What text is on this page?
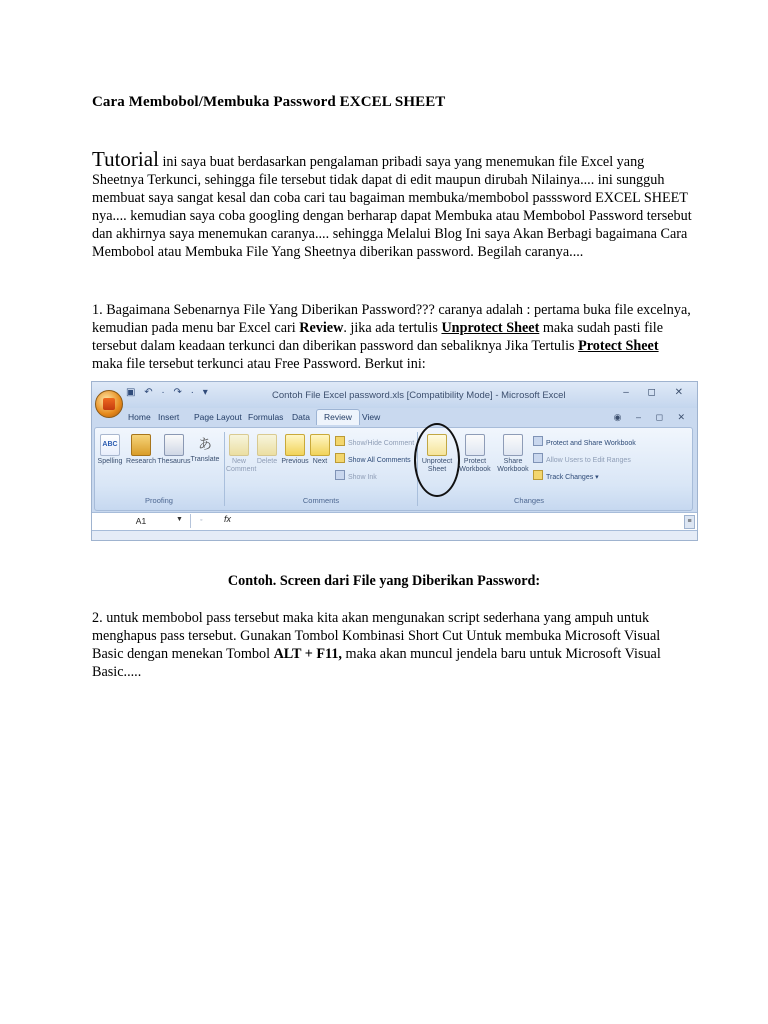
Cara Membobol/Membuka Password EXCEL SHEET
Tutorial ini saya buat berdasarkan pengalaman pribadi saya yang menemukan file Excel yang Sheetnya Terkunci, sehingga file tersebut tidak dapat di edit maupun dirubah Nilainya.... ini sungguh membuat saya sangat kesal dan coba cari tau bagaiman membuka/membobol passsword EXCEL SHEET nya.... kemudian saya coba googling dengan berharap dapat Membuka atau Membobol Password tersebut dan akhirnya saya menemukan caranya.... sehingga Melalui Blog Ini saya Akan Berbagi bagaimana Cara Membobol atau Membuka File Yang Sheetnya diberikan password. Begilah caranya....
1. Bagaimana Sebenarnya File Yang Diberikan Password??? caranya adalah : pertama buka file excelnya, kemudian pada menu bar Excel cari Review. jika ada tertulis Unprotect Sheet maka sudah pasti file tersebut dalam keadaan terkunci dan diberikan password dan sebaliknya Jika Tertulis Protect Sheet maka file tersebut terkunci atau Free Password. Berkut ini:
▣ ↶ · ↷ · ▾	Contoh File Excel password.xls [Compatibility Mode] - Microsoft Excel	– ◻ ✕
Home Insert Page Layout Formulas Data	Review	View	◉ – ◻ ✕
ABC
Spelling Research Thesaurus
あ
Translate
Proofing
New Comment
Delete Previous Next
Show/Hide Comment
Show All Comments
Show Ink
Comments
Unprotect Sheet
Protect Workbook
Share Workbook
Protect and Share Workbook
Allow Users to Edit Ranges
Track Changes ▾
Changes
A1	▼ ◦ fx	≡
Contoh. Screen dari File yang Diberikan Password:
2. untuk membobol pass tersebut maka kita akan mengunakan script sederhana yang ampuh untuk menghapus pass tersebut. Gunakan Tombol Kombinasi Short Cut Untuk membuka Microsoft Visual Basic dengan menekan Tombol ALT + F11, maka akan muncul jendela baru untuk Microsoft Visual Basic.....
